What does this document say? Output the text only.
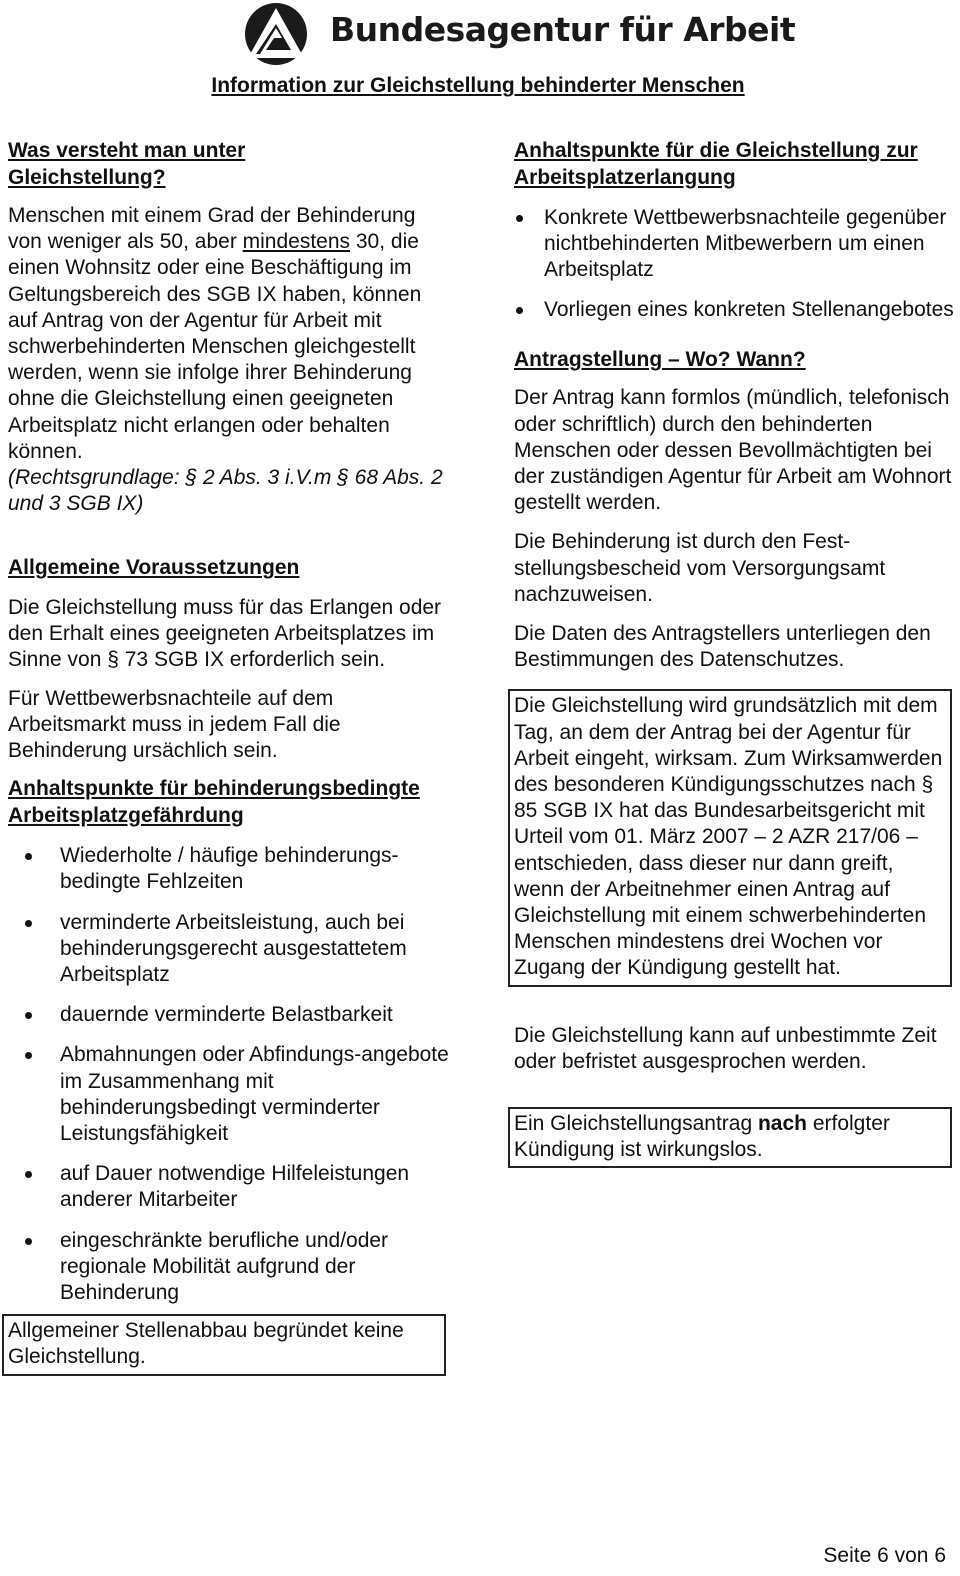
Bundesagentur für Arbeit
Information zur Gleichstellung behinderter Menschen
Was versteht man unter
Gleichstellung?

Menschen mit einem Grad der Behinderung von weniger als 50, aber mindestens 30, die einen Wohnsitz oder eine Beschäftigung im Geltungsbereich des SGB IX haben, können auf Antrag von der Agentur für Arbeit mit schwerbehinderten Menschen gleichgestellt werden, wenn sie infolge ihrer Behinderung ohne die Gleichstellung einen geeigneten Arbeitsplatz nicht erlangen oder behalten können.

(Rechtsgrundlage: § 2 Abs. 3 i.V.m § 68 Abs. 2 und 3 SGB IX)

Allgemeine Voraussetzungen

Die Gleichstellung muss für das Erlangen oder den Erhalt eines geeigneten Arbeitsplatzes im Sinne von § 73 SGB IX erforderlich sein.

Für Wettbewerbsnachteile auf dem Arbeitsmarkt muss in jedem Fall die Behinderung ursächlich sein.

Anhaltspunkte für behinderungsbedingte Arbeitsplatzgefährdung
Wiederholte / häufige behinderungs-bedingte Fehlzeiten
verminderte Arbeitsleistung, auch bei behinderungsgerecht ausgestattetem Arbeitsplatz
dauernde verminderte Belastbarkeit
Abmahnungen oder Abfindungs-angebote im Zusammenhang mit behinderungsbedingt verminderter Leistungsfähigkeit
auf Dauer notwendige Hilfeleistungen anderer Mitarbeiter
eingeschränkte berufliche und/oder regionale Mobilität aufgrund der Behinderung

Allgemeiner Stellenabbau begründet keine Gleichstellung.

Anhaltspunkte für die Gleichstellung zur Arbeitsplatzerlangung
Konkrete Wettbewerbsnachteile gegenüber nichtbehinderten Mitbewerbern um einen Arbeitsplatz
Vorliegen eines konkreten Stellenangebotes
Antragstellung – Wo? Wann?

Der Antrag kann formlos (mündlich, telefonisch oder schriftlich) durch den behinderten Menschen oder dessen Bevollmächtigten bei der zuständigen Agentur für Arbeit am Wohnort gestellt werden.

Die Behinderung ist durch den Fest-stellungsbescheid vom Versorgungsamt nachzuweisen.

Die Daten des Antragstellers unterliegen den Bestimmungen des Datenschutzes.

Die Gleichstellung wird grundsätzlich mit dem Tag, an dem der Antrag bei der Agentur für Arbeit eingeht, wirksam. Zum Wirksamwerden des besonderen Kündigungsschutzes nach § 85 SGB IX hat das Bundesarbeitsgericht mit Urteil vom 01. März 2007 – 2 AZR 217/06 – entschieden, dass dieser nur dann greift, wenn der Arbeitnehmer einen Antrag auf Gleichstellung mit einem schwerbehinderten Menschen mindestens drei Wochen vor Zugang der Kündigung gestellt hat.

Die Gleichstellung kann auf unbestimmte Zeit oder befristet ausgesprochen werden.

Ein Gleichstellungsantrag nach erfolgter Kündigung ist wirkungslos.

Seite 6 von 6
